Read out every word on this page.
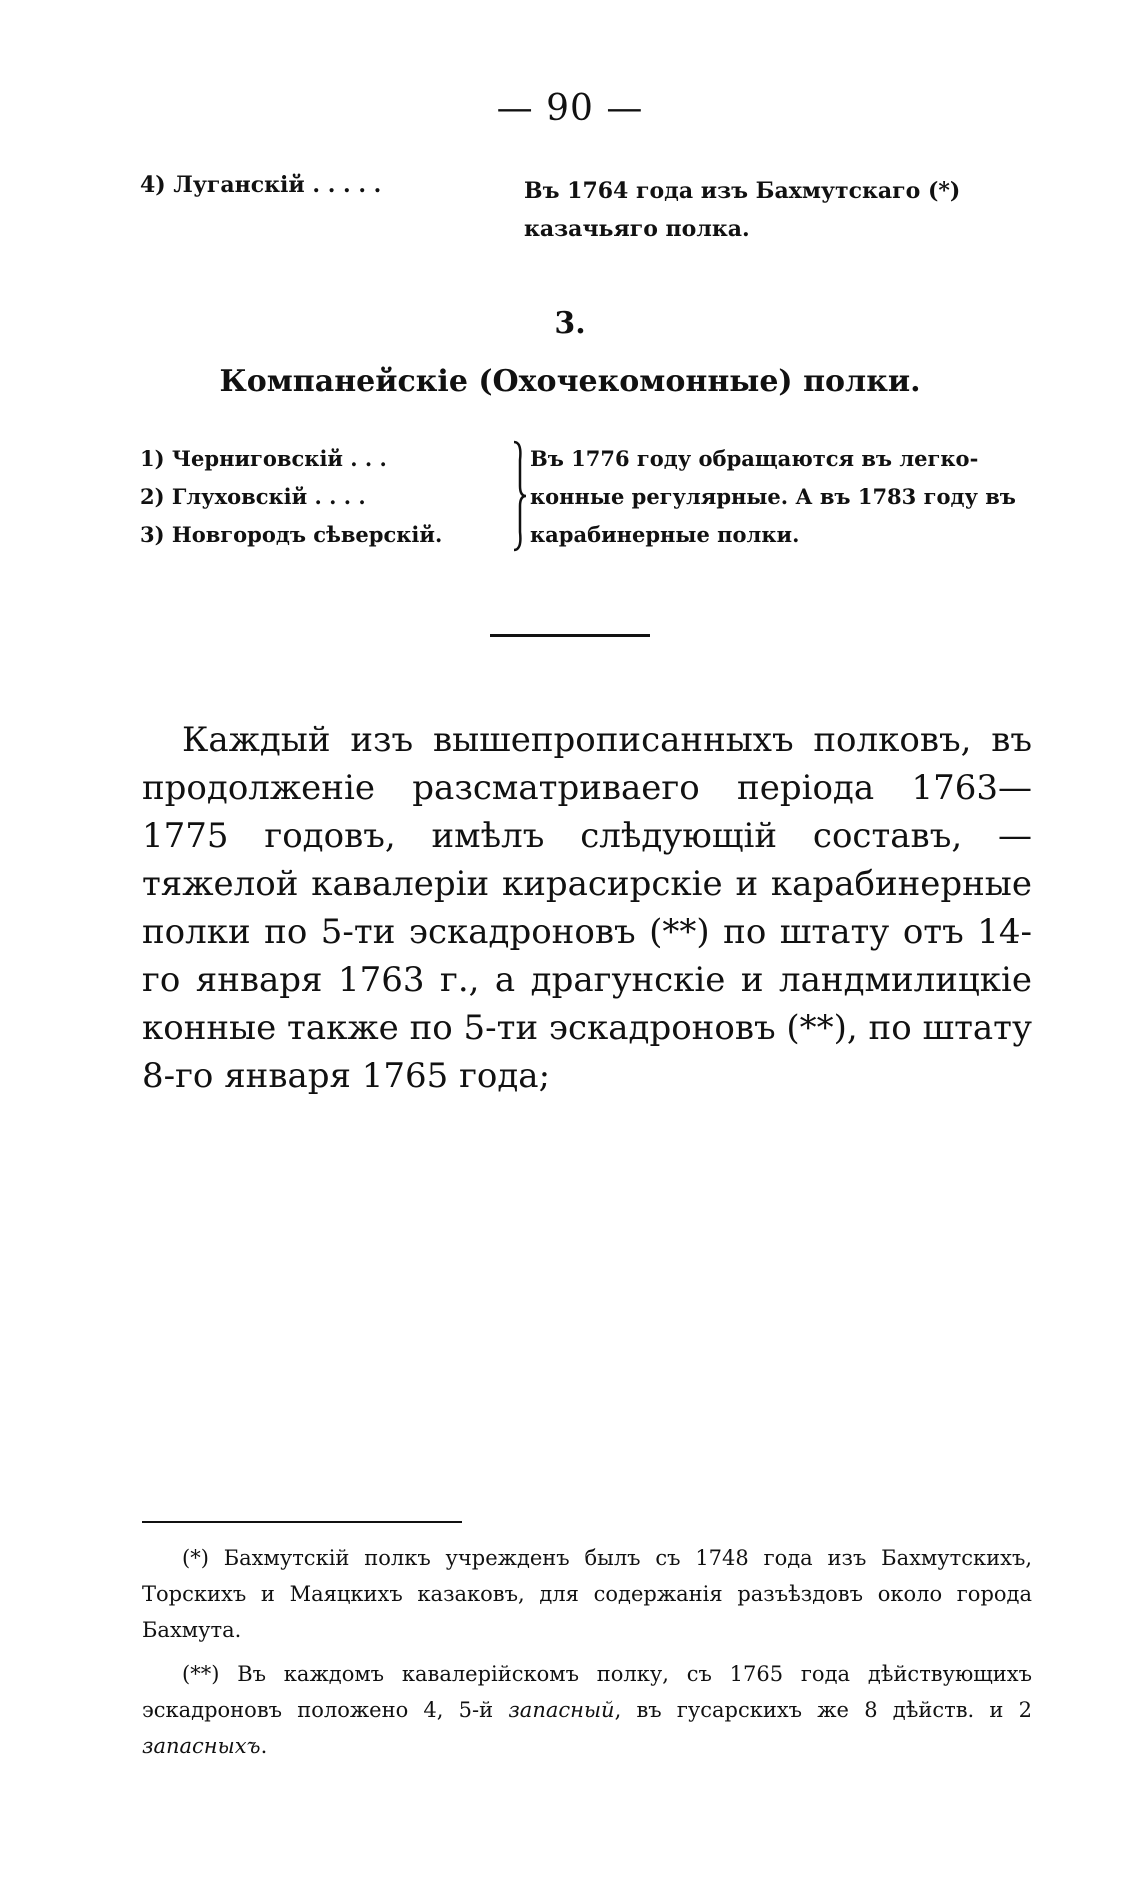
— 90 —
4) Луганскій . . . . .	Въ 1764 года изъ Бахмутскаго (*) казачьяго полка.
3.
Компанейскіе (Охочекомонные) полки.
1) Черниговскій . . .
2) Глуховскій . . . .
3) Новгородъ сѣверскій.
Въ 1776 году обращаются въ легко-конные регулярные. А въ 1783 году въ карабинерные полки.
Каждый изъ вышепрописанныхъ полковъ, въ продолженіе разсматриваего періода 1763—1775 годовъ, имѣлъ слѣдующій составъ, — тяжелой кавалеріи кирасирскіе и карабинерные полки по 5-ти эскадроновъ (**) по штату отъ 14-го января 1763 г., а драгунскіе и ландмилицкіе конные также по 5-ти эскадроновъ (**), по штату 8-го января 1765 года;

(*) Бахмутскій полкъ учрежденъ былъ съ 1748 года изъ Бахмутскихъ, Торскихъ и Маяцкихъ казаковъ, для содержанія разъѣздовъ около города Бахмута.

(**) Въ каждомъ кавалерійскомъ полку, съ 1765 года дѣйствующихъ эскадроновъ положено 4, 5-й запасный, въ гусарскихъ же 8 дѣйств. и 2 запасныхъ.
